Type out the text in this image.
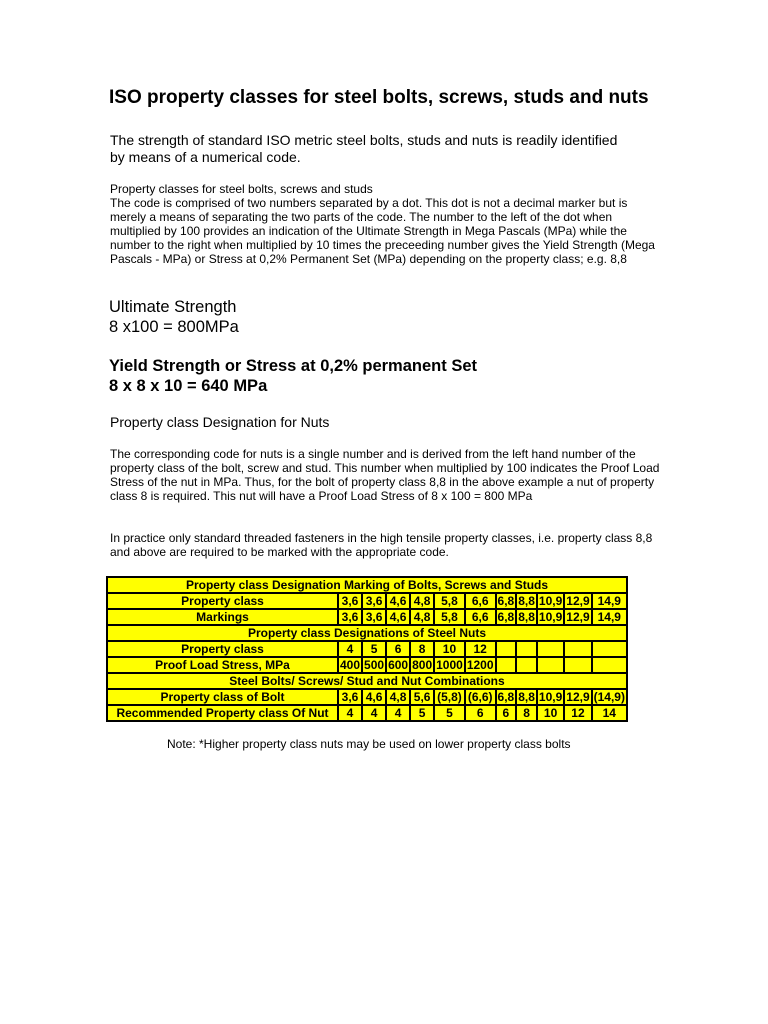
ISO property classes for steel bolts, screws, studs and nuts

The strength of standard ISO metric steel bolts, studs and nuts is readily identified by means of a numerical code.

Property classes for steel bolts, screws and studs

The code is comprised of two numbers separated by a dot. This dot is not a decimal marker but is merely a means of separating the two parts of the code. The number to the left of the dot when multiplied by 100 provides an indication of the Ultimate Strength in Mega Pascals (MPa) while the number to the right when multiplied by 10 times the preceeding number gives the Yield Strength (Mega Pascals - MPa) or Stress at 0,2% Permanent Set (MPa) depending on the property class; e.g. 8,8

Ultimate Strength
8 x100 = 800MPa
Yield Strength or Stress at 0,2% permanent Set
8 x 8 x 10 = 640 MPa

Property class Designation for Nuts

The corresponding code for nuts is a single number and is derived from the left hand number of the property class of the bolt, screw and stud. This number when multiplied by 100 indicates the Proof Load Stress of the nut in MPa. Thus, for the bolt of property class 8,8 in the above example a nut of property class 8 is required. This nut will have a Proof Load Stress of 8 x 100 = 800 MPa

In practice only standard threaded fasteners in the high tensile property classes, i.e. property class 8,8 and above are required to be marked with the appropriate code.

Property class Designation Marking of Bolts, Screws and Studs											
Property class	3,6	3,6	4,6	4,8	5,8	6,6	6,8	8,8	10,9	12,9	14,9
Markings	3,6	3,6	4,6	4,8	5,8	6,6	6,8	8,8	10,9	12,9	14,9
Property class Designations of Steel Nuts											
Property class	4	5	6	8	10	12					
Proof Load Stress, MPa	400	500	600	800	1000	1200					
Steel Bolts/ Screws/ Stud and Nut Combinations											
Property class of Bolt	3,6	4,6	4,8	5,6	(5,8)	(6,6)	6,8	8,8	10,9	12,9	(14,9)
Recommended Property class Of Nut	4	4	4	5	5	6	6	8	10	12	14

Note: *Higher property class nuts may be used on lower property class bolts
